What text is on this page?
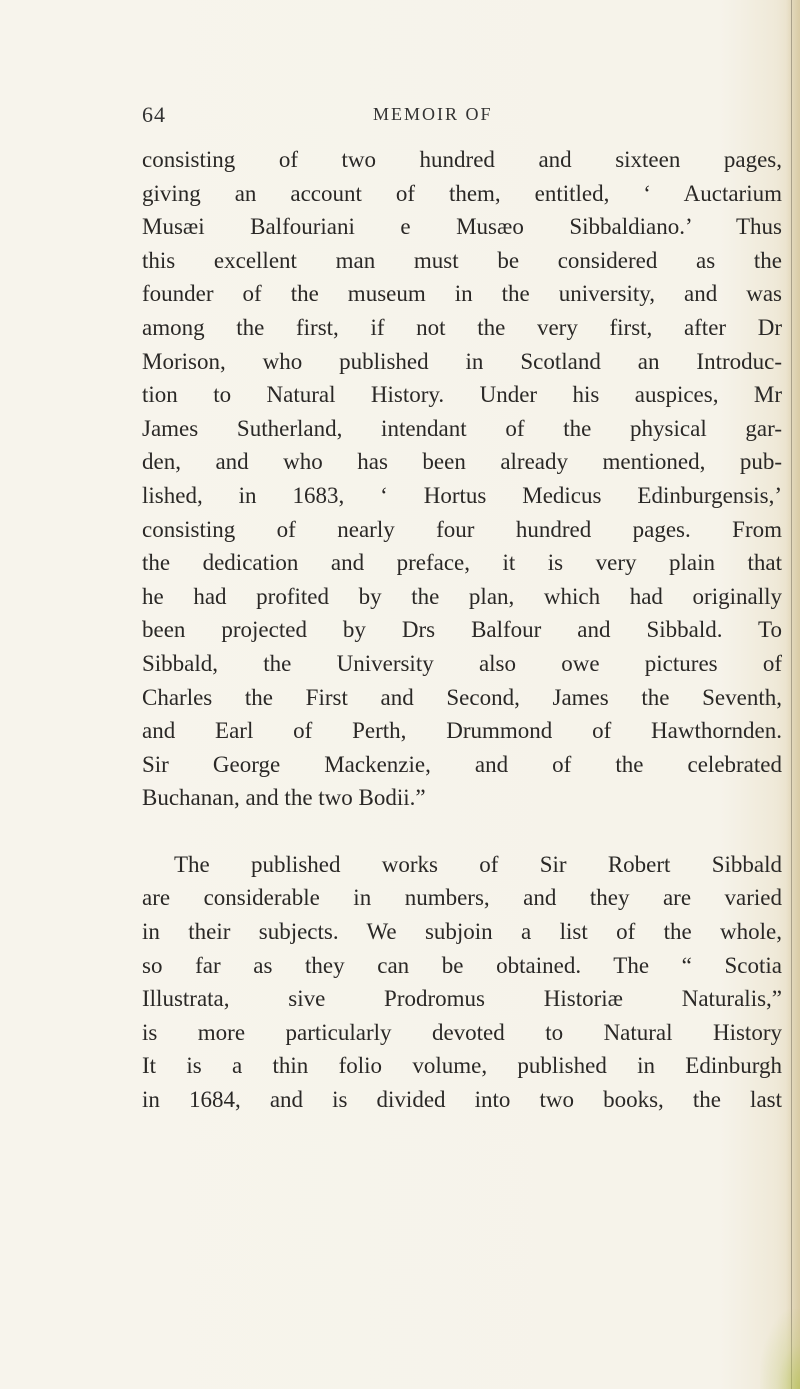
64	MEMOIR OF
consisting of two hundred and sixteen pages,
giving an account of them, entitled, ‘ Auctarium
Musæi Balfouriani e Musæo Sibbaldiano.’ Thus
this excellent man must be considered as the
founder of the museum in the university, and was
among the first, if not the very first, after Dr
Morison, who published in Scotland an Introduc-
tion to Natural History. Under his auspices, Mr
James Sutherland, intendant of the physical gar-
den, and who has been already mentioned, pub-
lished, in 1683, ‘ Hortus Medicus Edinburgensis,’
consisting of nearly four hundred pages. From
the dedication and preface, it is very plain that
he had profited by the plan, which had originally
been projected by Drs Balfour and Sibbald. To
Sibbald, the University also owe pictures of
Charles the First and Second, James the Seventh,
and Earl of Perth, Drummond of Hawthornden.
Sir George Mackenzie, and of the celebrated
Buchanan, and the two Bodii.”
The published works of Sir Robert Sibbald
are considerable in numbers, and they are varied
in their subjects. We subjoin a list of the whole,
so far as they can be obtained. The “ Scotia
Illustrata, sive Prodromus Historiæ Naturalis,”
is more particularly devoted to Natural History
It is a thin folio volume, published in Edinburgh
in 1684, and is divided into two books, the last
